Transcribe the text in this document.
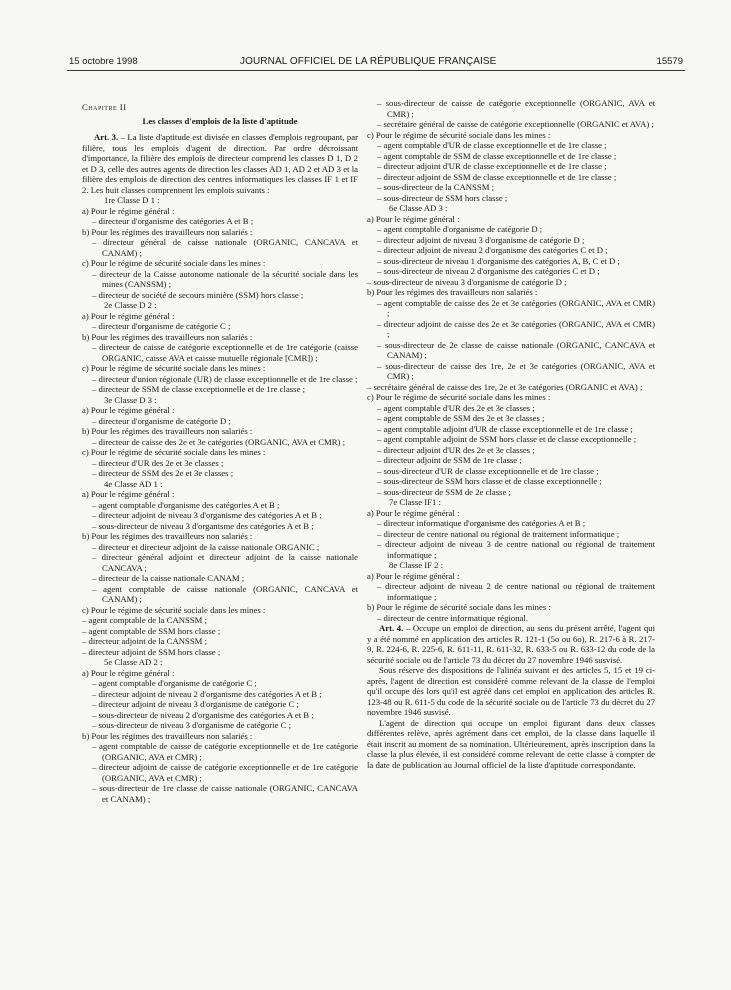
15 octobre 1998	JOURNAL OFFICIEL DE LA RÉPUBLIQUE FRANÇAISE	15579

Chapitre II

Les classes d'emplois de la liste d'aptitude

Art. 3. – La liste d'aptitude est divisée en classes d'emplois regroupant, par filière, tous les emplois d'agent de direction. Par ordre décroissant d'importance, la filière des emplois de directeur comprend les classes D 1, D 2 et D 3, celle des autres agents de direction les classes AD 1, AD 2 et AD 3 et la filière des emplois de direction des centres informatiques les classes IF 1 et IF 2. Les huit classes comprennent les emplois suivants :

1re Classe D 1 :

a) Pour le régime général :

– directeur d'organisme des catégories A et B ;

b) Pour les régimes des travailleurs non salariés :

– directeur général de caisse nationale (ORGANIC, CANCAVA et CANAM) ;

c) Pour le régime de sécurité sociale dans les mines :

– directeur de la Caisse autonome nationale de la sécurité sociale dans les mines (CANSSM) ;

– directeur de société de secours minière (SSM) hors classe ;

2e Classe D 2 :

a) Pour le régime général :

– directeur d'organisme de catégorie C ;

b) Pour les régimes des travailleurs non salariés :

– directeur de caisse de catégorie exceptionnelle et de 1re catégorie (caisse ORGANIC, caisse AVA et caisse mutuelle régionale [CMR]) ;

c) Pour le régime de sécurité sociale dans les mines :

– directeur d'union régionale (UR) de classe exceptionnelle et de 1re classe ;

– directeur de SSM de classe exceptionnelle et de 1re classe ;

3e Classe D 3 :

a) Pour le régime général :

– directeur d'organisme de catégorie D ;

b) Pour les régimes des travailleurs non salariés :

– directeur de caisse des 2e et 3e catégories (ORGANIC, AVA et CMR) ;

c) Pour le régime de sécurité sociale dans les mines :

– directeur d'UR des 2e et 3e classes ;

– directeur de SSM des 2e et 3e classes ;

4e Classe AD 1 :

a) Pour le régime général :

– agent comptable d'organisme des catégories A et B ;

– directeur adjoint de niveau 3 d'organisme des catégories A et B ;

– sous-directeur de niveau 3 d'organisme des catégories A et B ;

b) Pour les régimes des travailleurs non salariés :

– directeur et directeur adjoint de la caisse nationale ORGANIC ;

– directeur général adjoint et directeur adjoint de la caisse nationale CANCAVA ;

– directeur de la caisse nationale CANAM ;

– agent comptable de caisse nationale (ORGANIC, CANCAVA et CANAM) ;

c) Pour le régime de sécurité sociale dans les mines :

– agent comptable de la CANSSM ;

– agent comptable de SSM hors classe ;

– directeur adjoint de la CANSSM ;

– directeur adjoint de SSM hors classe ;

5e Classe AD 2 :

a) Pour le régime général :

– agent comptable d'organisme de catégorie C ;

– directeur adjoint de niveau 2 d'organisme des catégories A et B ;

– directeur adjoint de niveau 3 d'organisme de catégorie C ;

– sous-directeur de niveau 2 d'organisme des catégories A et B ;

– sous-directeur de niveau 3 d'organisme de catégorie C ;

b) Pour les régimes des travailleurs non salariés :

– agent comptable de caisse de catégorie exceptionnelle et de 1re catégorie (ORGANIC, AVA et CMR) ;

– directeur adjoint de caisse de catégorie exceptionnelle et de 1re catégorie (ORGANIC, AVA et CMR) ;

– sous-directeur de 1re classe de caisse nationale (ORGANIC, CANCAVA et CANAM) ;

– sous-directeur de caisse de catégorie exceptionnelle (ORGANIC, AVA et CMR) ;

– secrétaire général de caisse de catégorie exceptionnelle (ORGANIC et AVA) ;

c) Pour le régime de sécurité sociale dans les mines :

– agent comptable d'UR de classe exceptionnelle et de 1re classe ;

– agent comptable de SSM de classe exceptionnelle et de 1re classe ;

– directeur adjoint d'UR de classe exceptionnelle et de 1re classe ;

– directeur adjoint de SSM de classe exceptionnelle et de 1re classe ;

– sous-directeur de la CANSSM ;

– sous-directeur de SSM hors classe ;

6e Classe AD 3 :

a) Pour le régime général :

– agent comptable d'organisme de catégorie D ;

– directeur adjoint de niveau 3 d'organisme de catégorie D ;

– directeur adjoint de niveau 2 d'organisme des catégories C et D ;

– sous-directeur de niveau 1 d'organisme des catégories A, B, C et D ;

– sous-directeur de niveau 2 d'organisme des catégories C et D ;

– sous-directeur de niveau 3 d'organisme de catégorie D ;

b) Pour les régimes des travailleurs non salariés :

– agent comptable de caisse des 2e et 3e catégories (ORGANIC, AVA et CMR) ;

– directeur adjoint de caisse des 2e et 3e catégories (ORGANIC, AVA et CMR) ;

– sous-directeur de 2e classe de caisse nationale (ORGANIC, CANCAVA et CANAM) ;

– sous-directeur de caisse des 1re, 2e et 3e catégories (ORGANIC, AVA et CMR) ;

– secrétaire général de caisse des 1re, 2e et 3e catégories (ORGANIC et AVA) ;

c) Pour le régime de sécurité sociale dans les mines :

– agent comptable d'UR des 2e et 3e classes ;

– agent comptable de SSM des 2e et 3e classes ;

– agent comptable adjoint d'UR de classe exceptionnelle et de 1re classe ;

– agent comptable adjoint de SSM hors classe et de classe exceptionnelle ;

– directeur adjoint d'UR des 2e et 3e classes ;

– directeur adjoint de SSM de 1re classe ;

– sous-directeur d'UR de classe exceptionnelle et de 1re classe ;

– sous-directeur de SSM hors classe et de classe exceptionnelle ;

– sous-directeur de SSM de 2e classe ;

7e Classe IF1 :

a) Pour le régime général :

– directeur informatique d'organisme des catégories A et B ;

– directeur de centre national ou régional de traitement informatique ;

– directeur adjoint de niveau 3 de centre national ou régional de traitement informatique ;

8e Classe IF 2 :

a) Pour le régime général :

– directeur adjoint de niveau 2 de centre national ou régional de traitement informatique ;

b) Pour le régime de sécurité sociale dans les mines :

– directeur de centre informatique régional.

Art. 4. – Occupe un emploi de direction, au sens du présent arrêté, l'agent qui y a été nommé en application des articles R. 121-1 (5o ou 6o), R. 217-6 à R. 217-9, R. 224-6, R. 225-6, R. 611-11, R. 611-32, R. 633-5 ou R. 633-12 du code de la sécurité sociale ou de l'article 73 du décret du 27 novembre 1946 susvisé.

Sous réserve des dispositions de l'alinéa suivant et des articles 5, 15 et 19 ci-après, l'agent de direction est considéré comme relevant de la classe de l'emploi qu'il occupe dès lors qu'il est agréé dans cet emploi en application des articles R. 123-48 ou R. 611-5 du code de la sécurité sociale ou de l'article 73 du décret du 27 novembre 1946 susvisé.

L'agent de direction qui occupe un emploi figurant dans deux classes différentes relève, après agrément dans cet emploi, de la classe dans laquelle il était inscrit au moment de sa nomination. Ultérieurement, après inscription dans la classe la plus élevée, il est considéré comme relevant de cette classe à compter de la date de publication au Journal officiel de la liste d'aptitude correspondante.
